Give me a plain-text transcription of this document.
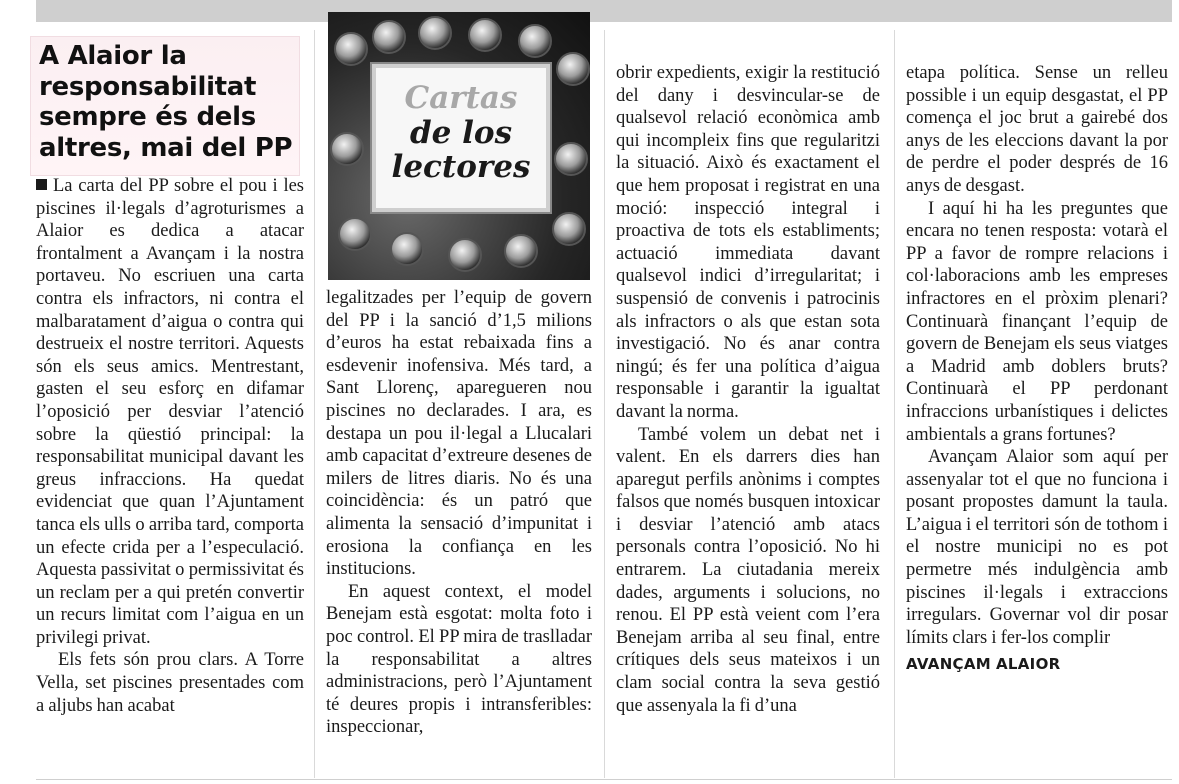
A Alaior la responsabilitat sempre és dels altres, mai del PP
Cartas
de los
lectores

La carta del PP sobre el pou i les piscines il·legals d’agroturismes a Alaior es dedica a atacar frontalment a Avançam i la nostra portaveu. No escriuen una carta contra els infractors, ni contra el malbaratament d’aigua o contra qui destrueix el nostre territori. Aquests són els seus amics. Mentrestant, gasten el seu esforç en difamar l’oposició per desviar l’atenció sobre la qüestió principal: la responsabilitat municipal davant les greus infraccions. Ha quedat evidenciat que quan l’Ajuntament tanca els ulls o arriba tard, comporta un efecte crida per a l’especulació. Aquesta passivitat o permissivitat és un reclam per a qui pretén convertir un recurs limitat com l’aigua en un privilegi privat.

Els fets són prou clars. A Torre Vella, set piscines presentades com a aljubs han acabat

legalitzades per l’equip de govern del PP i la sanció d’1,5 milions d’euros ha estat rebaixada fins a esdevenir inofensiva. Més tard, a Sant Llorenç, aparegueren nou piscines no declarades. I ara, es destapa un pou il·legal a Llucalari amb capacitat d’extreure desenes de milers de litres diaris. No és una coincidència: és un patró que alimenta la sensació d’impunitat i erosiona la confiança en les institucions.

En aquest context, el model Benejam està esgotat: molta foto i poc control. El PP mira de traslladar la responsabilitat a altres administracions, però l’Ajuntament té deures propis i intransferibles: inspeccionar,

obrir expedients, exigir la restitució del dany i desvincular-se de qualsevol relació econòmica amb qui incompleix fins que regularitzi la situació. Això és exactament el que hem proposat i registrat en una moció: inspecció integral i proactiva de tots els establiments; actuació immediata davant qualsevol indici d’irregularitat; i suspensió de convenis i patrocinis als infractors o als que estan sota investigació. No és anar contra ningú; és fer una política d’aigua responsable i garantir la igualtat davant la norma.

També volem un debat net i valent. En els darrers dies han aparegut perfils anònims i comptes falsos que només busquen intoxicar i desviar l’atenció amb atacs personals contra l’oposició. No hi entrarem. La ciutadania mereix dades, arguments i solucions, no renou. El PP està veient com l’era Benejam arriba al seu final, entre crítiques dels seus mateixos i un clam social contra la seva gestió que assenyala la fi d’una

etapa política. Sense un relleu possible i un equip desgastat, el PP comença el joc brut a gairebé dos anys de les eleccions davant la por de perdre el poder després de 16 anys de desgast.

I aquí hi ha les preguntes que encara no tenen resposta: votarà el PP a favor de rompre relacions i col·laboracions amb les empreses infractores en el pròxim plenari? Continuarà finançant l’equip de govern de Benejam els seus viatges a Madrid amb doblers bruts? Continuarà el PP perdonant infraccions urbanístiques i delictes ambientals a grans fortunes?

Avançam Alaior som aquí per assenyalar tot el que no funciona i posant propostes damunt la taula. L’aigua i el territori són de tothom i el nostre municipi no es pot permetre més indulgència amb piscines il·legals i extraccions irregulars. Governar vol dir posar límits clars i fer-los complir

AVANÇAM ALAIOR
